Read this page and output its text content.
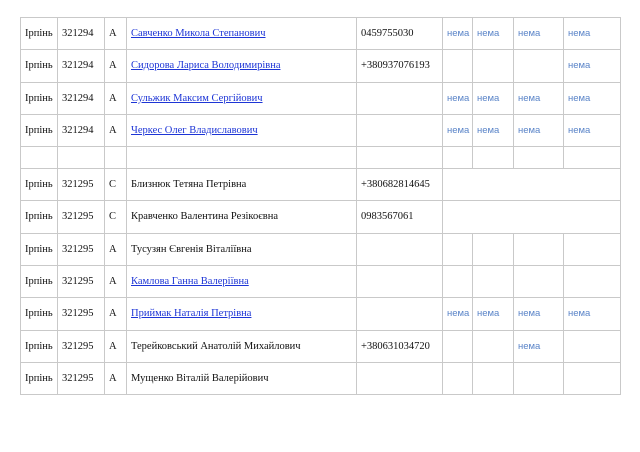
Ірпінь	321294	А	Савченко Микола Степанович	0459755030	нема	нема	нема	нема
Ірпінь	321294	А	Сидорова Лариса Володимирівна	+380937076193				нема
Ірпінь	321294	А	Сульжик Максим Сергійович		нема	нема	нема	нема
Ірпінь	321294	А	Черкес Олег Владиславович		нема	нема	нема	нема

Ірпінь	321295	С	Близнюк Тетяна Петрівна	+380682814645				
Ірпінь	321295	С	Кравченко Валентина Резікоєвна	0983567061				
Ірпінь	321295	А	Тусузян Євгенія Віталіївна					
Ірпінь	321295	А	Камлова Ганна Валеріївна					
Ірпінь	321295	А	Приймак Наталія Петрівна		нема	нема	нема	нема
Ірпінь	321295	А	Терейковський Анатолій Михайлович	+380631034720			нема	
Ірпінь	321295	А	Мущенко Віталій Валерійович					
